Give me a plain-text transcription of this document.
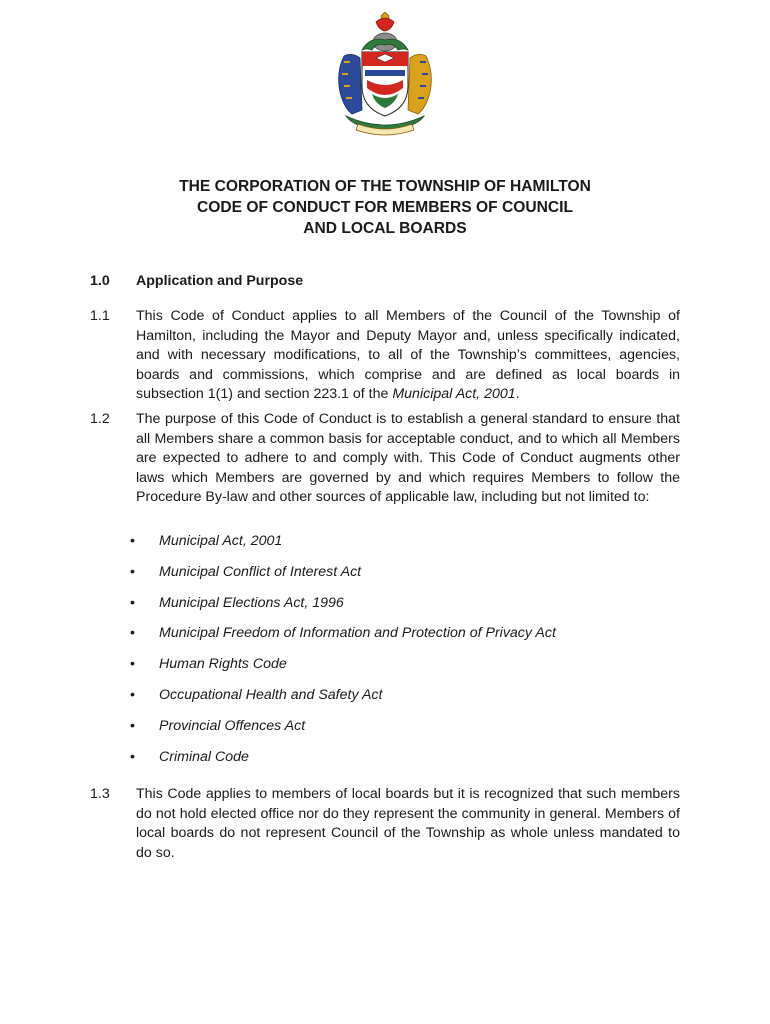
THE CORPORATION OF THE TOWNSHIP OF HAMILTON
CODE OF CONDUCT FOR MEMBERS OF COUNCIL
AND LOCAL BOARDS
1.0 Application and Purpose
1.1 This Code of Conduct applies to all Members of the Council of the Township of Hamilton, including the Mayor and Deputy Mayor and, unless specifically indicated, and with necessary modifications, to all of the Township’s committees, agencies, boards and commissions, which comprise and are defined as local boards in subsection 1(1) and section 223.1 of the Municipal Act, 2001.
1.2 The purpose of this Code of Conduct is to establish a general standard to ensure that all Members share a common basis for acceptable conduct, and to which all Members are expected to adhere to and comply with. This Code of Conduct augments other laws which Members are governed by and which requires Members to follow the Procedure By-law and other sources of applicable law, including but not limited to:
• Municipal Act, 2001
• Municipal Conflict of Interest Act
• Municipal Elections Act, 1996
• Municipal Freedom of Information and Protection of Privacy Act
• Human Rights Code
• Occupational Health and Safety Act
• Provincial Offences Act
• Criminal Code
1.3 This Code applies to members of local boards but it is recognized that such members do not hold elected office nor do they represent the community in general. Members of local boards do not represent Council of the Township as whole unless mandated to do so.
